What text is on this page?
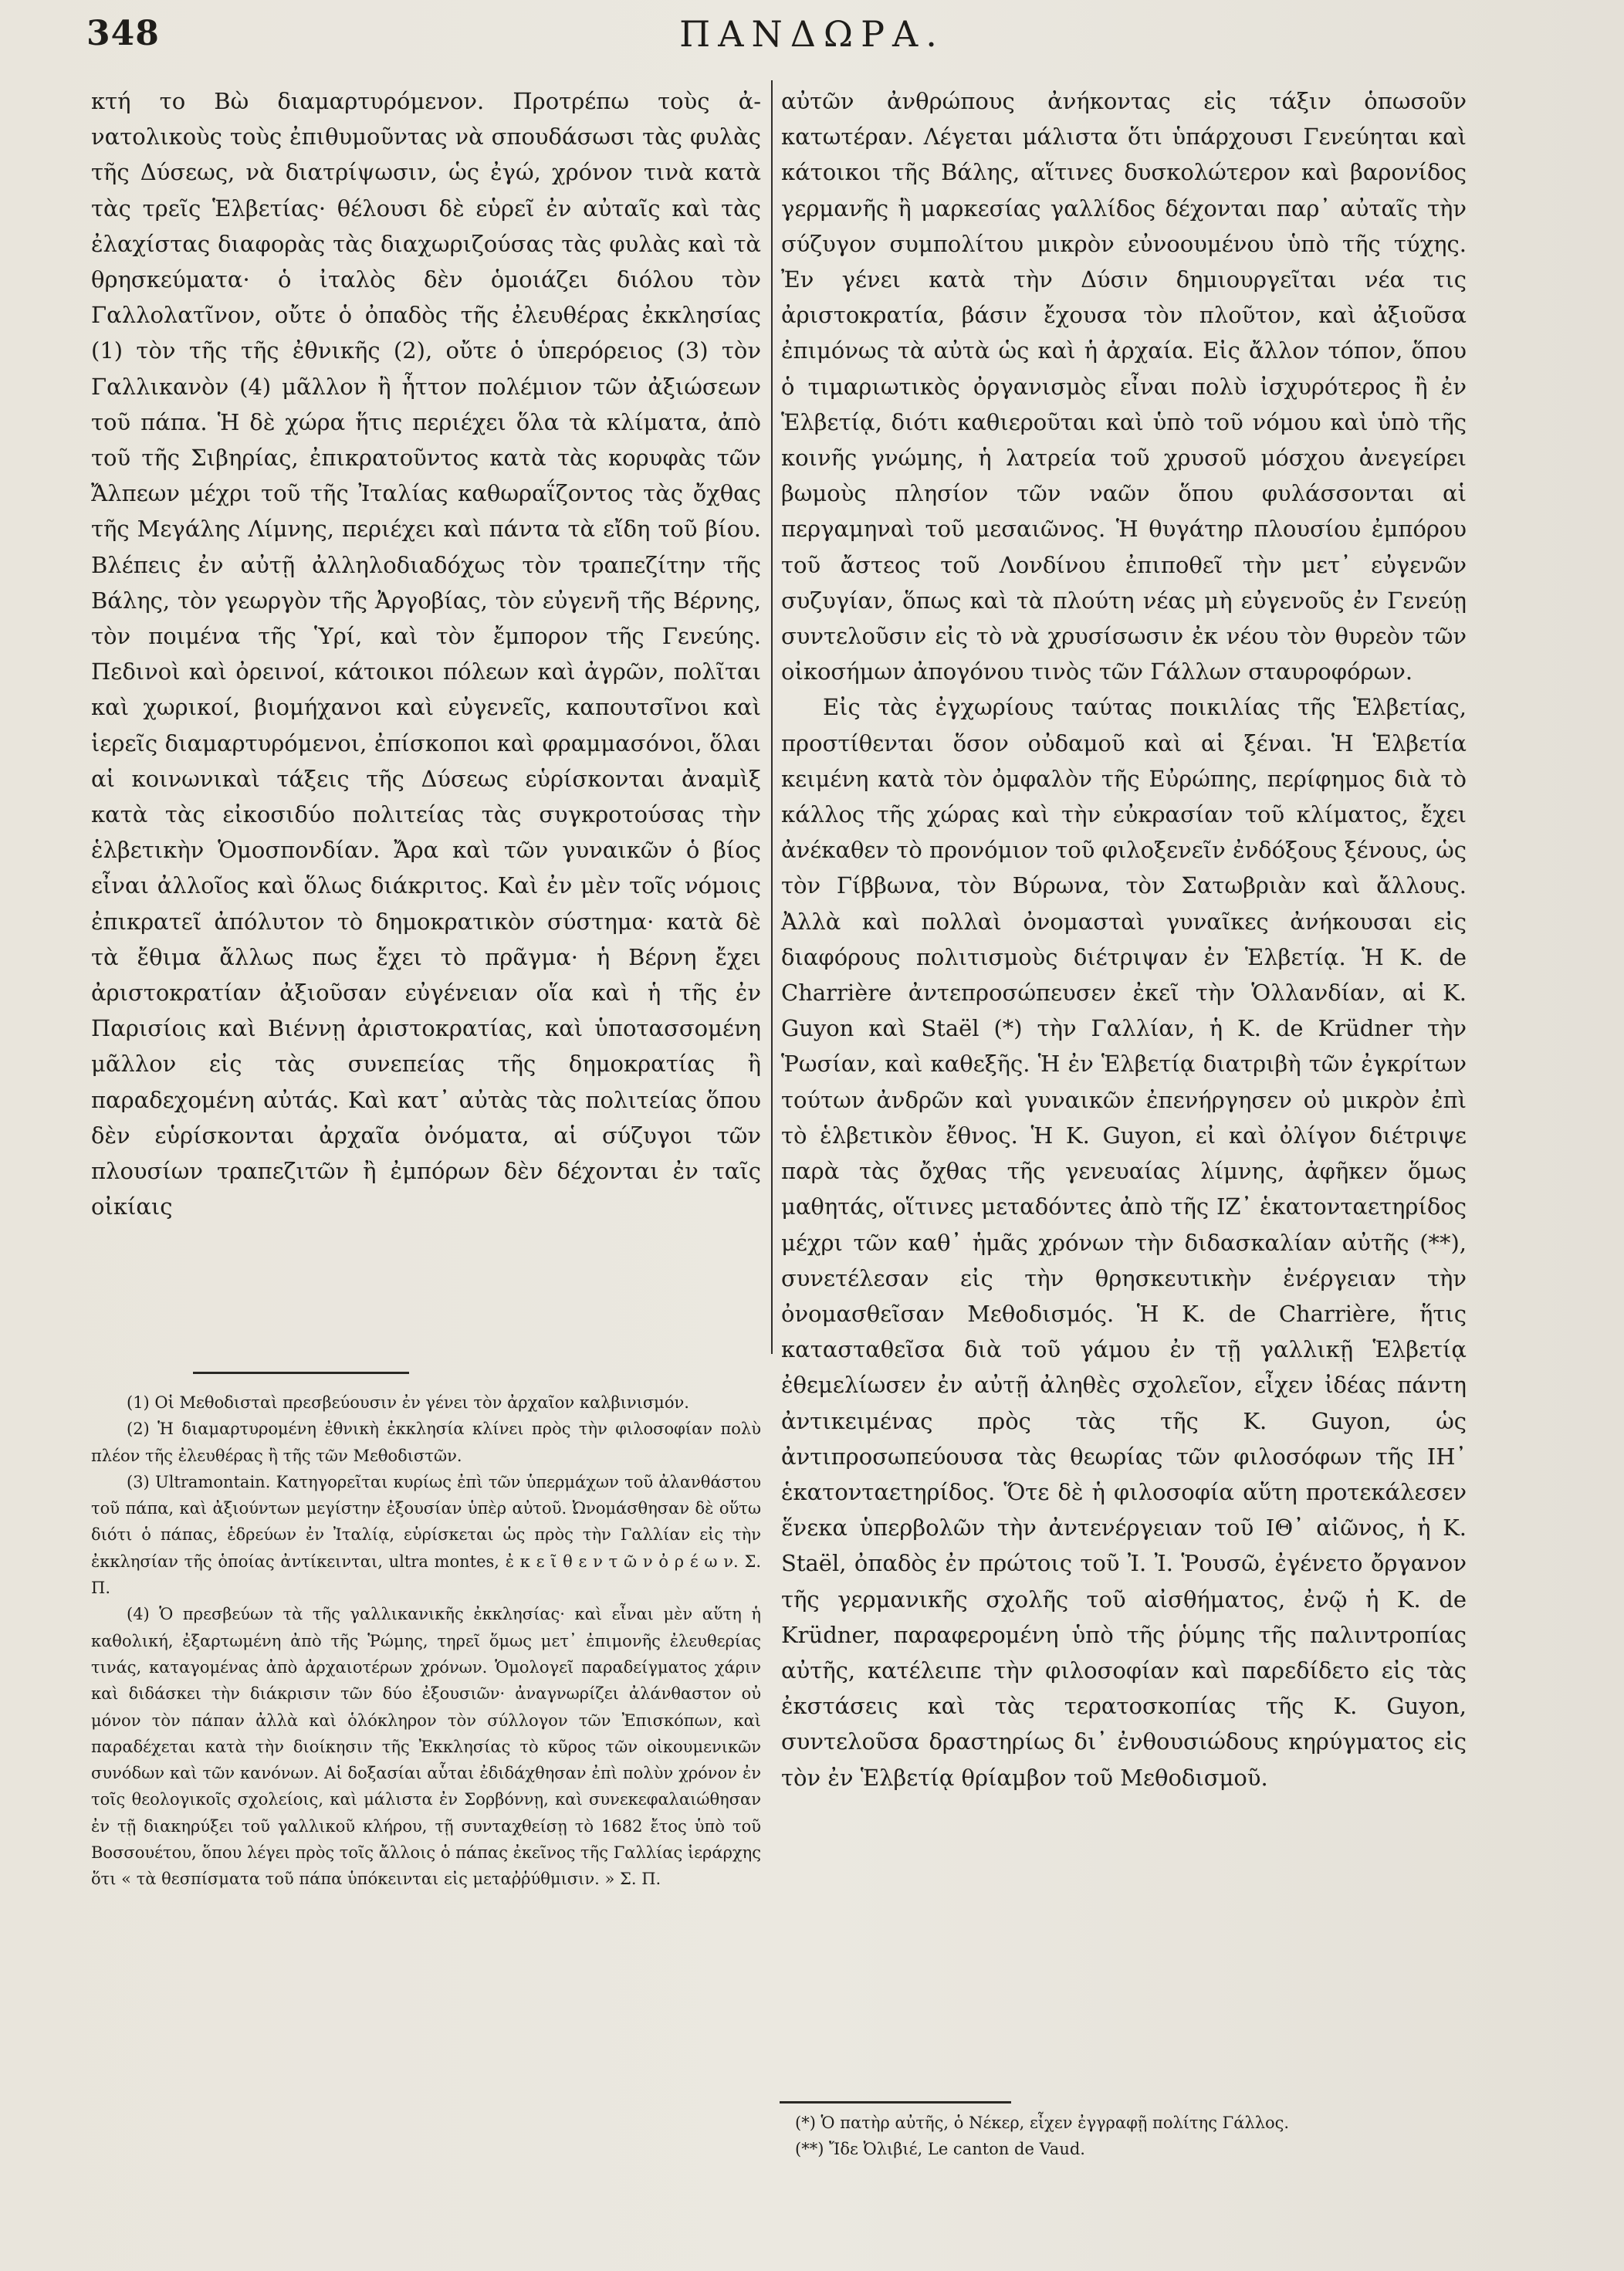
348	ΠΑΝΔΩΡΑ.

κτή το Βὼ διαμαρτυρόμενον. Προτρέπω τοὺς ἀ-νατολικοὺς τοὺς ἐπιθυμοῦντας νὰ σπουδάσωσι τὰς φυλὰς τῆς Δύσεως, νὰ διατρίψωσιν, ὡς ἐγώ, χρόνον τινὰ κατὰ τὰς τρεῖς Ἑλβετίας· θέλουσι δὲ εὑρεῖ ἐν αὐταῖς καὶ τὰς ἐλαχίστας διαφορὰς τὰς διαχωριζούσας τὰς φυλὰς καὶ τὰ θρησκεύματα· ὁ ἰταλὸς δὲν ὁμοιάζει διόλου τὸν Γαλλολατῖνον, οὔτε ὁ ὀπαδὸς τῆς ἐλευθέρας ἐκκλησίας (1) τὸν τῆς τῆς ἐθνικῆς (2), οὔτε ὁ ὑπερόρειος (3) τὸν Γαλλικανὸν (4) μᾶλλον ἢ ἧττον πολέμιον τῶν ἀξιώσεων τοῦ πάπα. Ἡ δὲ χώρα ἥτις περιέχει ὅλα τὰ κλίματα, ἀπὸ τοῦ τῆς Σιβηρίας, ἐπικρατοῦντος κατὰ τὰς κορυφὰς τῶν Ἄλπεων μέχρι τοῦ τῆς Ἰταλίας καθωραΐζοντος τὰς ὄχθας τῆς Μεγάλης Λίμνης, περιέχει καὶ πάντα τὰ εἴδη τοῦ βίου. Βλέπεις ἐν αὐτῇ ἀλληλοδιαδόχως τὸν τραπεζίτην τῆς Βάλης, τὸν γεωργὸν τῆς Ἀργοβίας, τὸν εὐγενῆ τῆς Βέρνης, τὸν ποιμένα τῆς Ὑρί, καὶ τὸν ἔμπορον τῆς Γενεύης. Πεδινοὶ καὶ ὀρεινοί, κάτοικοι πόλεων καὶ ἀγρῶν, πολῖται καὶ χωρικοί, βιομήχανοι καὶ εὐγενεῖς, καπουτσῖνοι καὶ ἱερεῖς διαμαρτυρόμενοι, ἐπίσκοποι καὶ φραμμασόνοι, ὅλαι αἱ κοινωνικαὶ τάξεις τῆς Δύσεως εὑρίσκονται ἀναμὶξ κατὰ τὰς εἰκοσιδύο πολιτείας τὰς συγκροτούσας τὴν ἑλβετικὴν Ὁμοσπονδίαν. Ἄρα καὶ τῶν γυναικῶν ὁ βίος εἶναι ἀλλοῖος καὶ ὅλως διάκριτος. Καὶ ἐν μὲν τοῖς νόμοις ἐπικρατεῖ ἀπόλυτον τὸ δημοκρατικὸν σύστημα· κατὰ δὲ τὰ ἔθιμα ἄλλως πως ἔχει τὸ πρᾶγμα· ἡ Βέρνη ἔχει ἀριστοκρατίαν ἀξιοῦσαν εὐγένειαν οἵα καὶ ἡ τῆς ἐν Παρισίοις καὶ Βιέννῃ ἀριστοκρατίας, καὶ ὑποτασσομένη μᾶλλον εἰς τὰς συνεπείας τῆς δημοκρατίας ἢ παραδεχομένη αὐτάς. Καὶ κατ᾽ αὐτὰς τὰς πολιτείας ὅπου δὲν εὑρίσκονται ἀρχαῖα ὀνόματα, αἱ σύζυγοι τῶν πλουσίων τραπεζιτῶν ἢ ἐμπόρων δὲν δέχονται ἐν ταῖς οἰκίαις

αὐτῶν ἀνθρώπους ἀνήκοντας εἰς τάξιν ὁπωσοῦν κατωτέραν. Λέγεται μάλιστα ὅτι ὑπάρχουσι Γενεύηται καὶ κάτοικοι τῆς Βάλης, αἵτινες δυσκολώτερον καὶ βαρονίδος γερμανῆς ἢ μαρκεσίας γαλλίδος δέχονται παρ᾽ αὐταῖς τὴν σύζυγον συμπολίτου μικρὸν εὐνοουμένου ὑπὸ τῆς τύχης. Ἐν γένει κατὰ τὴν Δύσιν δημιουργεῖται νέα τις ἀριστοκρατία, βάσιν ἔχουσα τὸν πλοῦτον, καὶ ἀξιοῦσα ἐπιμόνως τὰ αὐτὰ ὡς καὶ ἡ ἀρχαία. Εἰς ἄλλον τόπον, ὅπου ὁ τιμαριωτικὸς ὀργανισμὸς εἶναι πολὺ ἰσχυρότερος ἢ ἐν Ἑλβετίᾳ, διότι καθιεροῦται καὶ ὑπὸ τοῦ νόμου καὶ ὑπὸ τῆς κοινῆς γνώμης, ἡ λατρεία τοῦ χρυσοῦ μόσχου ἀνεγείρει βωμοὺς πλησίον τῶν ναῶν ὅπου φυλάσσονται αἱ περγαμηναὶ τοῦ μεσαιῶνος. Ἡ θυγάτηρ πλουσίου ἐμπόρου τοῦ ἄστεος τοῦ Λονδίνου ἐπιποθεῖ τὴν μετ᾽ εὐγενῶν συζυγίαν, ὅπως καὶ τὰ πλούτη νέας μὴ εὐγενοῦς ἐν Γενεύῃ συντελοῦσιν εἰς τὸ νὰ χρυσίσωσιν ἐκ νέου τὸν θυρεὸν τῶν οἰκοσήμων ἀπογόνου τινὸς τῶν Γάλλων σταυροφόρων.

Εἰς τὰς ἐγχωρίους ταύτας ποικιλίας τῆς Ἑλβετίας, προστίθενται ὅσον οὐδαμοῦ καὶ αἱ ξέναι. Ἡ Ἑλβετία κειμένη κατὰ τὸν ὀμφαλὸν τῆς Εὐρώπης, περίφημος διὰ τὸ κάλλος τῆς χώρας καὶ τὴν εὐκρασίαν τοῦ κλίματος, ἔχει ἀνέκαθεν τὸ προνόμιον τοῦ φιλοξενεῖν ἐνδόξους ξένους, ὡς τὸν Γίββωνα, τὸν Βύρωνα, τὸν Σατωβριὰν καὶ ἄλλους. Ἀλλὰ καὶ πολλαὶ ὀνομασταὶ γυναῖκες ἀνήκουσαι εἰς διαφόρους πολιτισμοὺς διέτριψαν ἐν Ἑλβετίᾳ. Ἡ Κ. de Charrière ἀντεπροσώπευσεν ἐκεῖ τὴν Ὁλλανδίαν, αἱ Κ. Guyon καὶ Staël (*) τὴν Γαλλίαν, ἡ Κ. de Krüdner τὴν Ῥωσίαν, καὶ καθεξῆς. Ἡ ἐν Ἑλβετίᾳ διατριβὴ τῶν ἐγκρίτων τούτων ἀνδρῶν καὶ γυναικῶν ἐπενήργησεν οὐ μικρὸν ἐπὶ τὸ ἑλβετικὸν ἔθνος. Ἡ Κ. Guyon, εἰ καὶ ὀλίγον διέτριψε παρὰ τὰς ὄχθας τῆς γενευαίας λίμνης, ἀφῆκεν ὅμως μαθητάς, οἵτινες μεταδόντες ἀπὸ τῆς ΙΖ᾽ ἑκατονταετηρίδος μέχρι τῶν καθ᾽ ἡμᾶς χρόνων τὴν διδασκαλίαν αὐτῆς (**), συνετέλεσαν εἰς τὴν θρησκευτικὴν ἐνέργειαν τὴν ὀνομασθεῖσαν Μεθοδισμός. Ἡ Κ. de Charrière, ἥτις κατασταθεῖσα διὰ τοῦ γάμου ἐν τῇ γαλλικῇ Ἑλβετίᾳ ἐθεμελίωσεν ἐν αὐτῇ ἀληθὲς σχολεῖον, εἶχεν ἰδέας πάντη ἀντικειμένας πρὸς τὰς τῆς Κ. Guyon, ὡς ἀντιπροσωπεύουσα τὰς θεωρίας τῶν φιλοσόφων τῆς ΙΗ᾽ ἑκατονταετηρίδος. Ὅτε δὲ ἡ φιλοσοφία αὕτη προτεκάλεσεν ἕνεκα ὑπερβολῶν τὴν ἀντενέργειαν τοῦ ΙΘ᾽ αἰῶνος, ἡ Κ. Staël, ὀπαδὸς ἐν πρώτοις τοῦ Ἰ. Ἰ. Ῥουσῶ, ἐγένετο ὄργανον τῆς γερμανικῆς σχολῆς τοῦ αἰσθήματος, ἐνῷ ἡ Κ. de Krüdner, παραφερομένη ὑπὸ τῆς ῥύμης τῆς παλιντροπίας αὐτῆς, κατέλειπε τὴν φιλοσοφίαν καὶ παρεδίδετο εἰς τὰς ἐκστάσεις καὶ τὰς τερατοσκοπίας τῆς Κ. Guyon, συντελοῦσα δραστηρίως δι᾽ ἐνθουσιώδους κηρύγματος εἰς τὸν ἐν Ἑλβετίᾳ θρίαμβον τοῦ Μεθοδισμοῦ.

(1) Οἱ Μεθοδισταὶ πρεσβεύουσιν ἐν γένει τὸν ἀρχαῖον καλβινισμόν.

(2) Ἡ διαμαρτυρομένη ἐθνικὴ ἐκκλησία κλίνει πρὸς τὴν φιλοσοφίαν πολὺ πλέον τῆς ἐλευθέρας ἢ τῆς τῶν Μεθοδιστῶν.

(3) Ultramontain. Κατηγορεῖται κυρίως ἐπὶ τῶν ὑπερμάχων τοῦ ἀλανθάστου τοῦ πάπα, καὶ ἀξιούντων μεγίστην ἐξουσίαν ὑπὲρ αὐτοῦ. Ὠνομάσθησαν δὲ οὕτω διότι ὁ πάπας, ἑδρεύων ἐν Ἰταλίᾳ, εὑρίσκεται ὡς πρὸς τὴν Γαλλίαν εἰς τὴν ἐκκλησίαν τῆς ὁποίας ἀντίκεινται, ultra montes, ἐ κ ε ῖ θ ε ν τ ῶ ν ὀ ρ έ ω ν. Σ. Π.

(4) Ὁ πρεσβεύων τὰ τῆς γαλλικανικῆς ἐκκλησίας· καὶ εἶναι μὲν αὕτη ἡ καθολική, ἐξαρτωμένη ἀπὸ τῆς Ῥώμης, τηρεῖ ὅμως μετ᾽ ἐπιμονῆς ἐλευθερίας τινάς, καταγομένας ἀπὸ ἀρχαιοτέρων χρόνων. Ὁμολογεῖ παραδείγματος χάριν καὶ διδάσκει τὴν διάκρισιν τῶν δύο ἐξουσιῶν· ἀναγνωρίζει ἀλάνθαστον οὐ μόνον τὸν πάπαν ἀλλὰ καὶ ὁλόκληρον τὸν σύλλογον τῶν Ἐπισκόπων, καὶ παραδέχεται κατὰ τὴν διοίκησιν τῆς Ἐκκλησίας τὸ κῦρος τῶν οἰκουμενικῶν συνόδων καὶ τῶν κανόνων. Αἱ δοξασίαι αὗται ἐδιδάχθησαν ἐπὶ πολὺν χρόνον ἐν τοῖς θεολογικοῖς σχολείοις, καὶ μάλιστα ἐν Σορβόννῃ, καὶ συνεκεφαλαιώθησαν ἐν τῇ διακηρύξει τοῦ γαλλικοῦ κλήρου, τῇ συνταχθείσῃ τὸ 1682 ἔτος ὑπὸ τοῦ Βοσσουέτου, ὅπου λέγει πρὸς τοῖς ἄλλοις ὁ πάπας ἐκεῖνος τῆς Γαλλίας ἱεράρχης ὅτι « τὰ θεσπίσματα τοῦ πάπα ὑπόκεινται εἰς μεταῤῥύθμισιν. » Σ. Π.

(*) Ὁ πατὴρ αὐτῆς, ὁ Νέκερ, εἶχεν ἐγγραφῇ πολίτης Γάλλος.

(**) Ἴδε Ὀλιβιέ, Le canton de Vaud.
